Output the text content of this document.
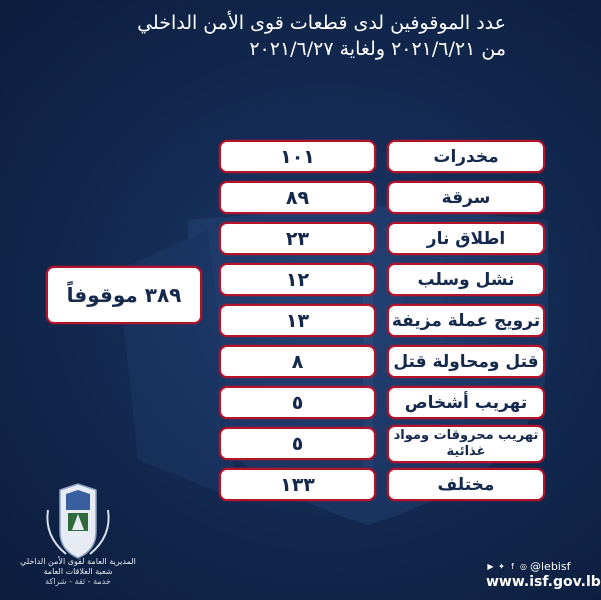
عدد الموقوفين لدى قطعات قوى الأمن الداخلي
من ٢٠٢١/٦/٢١ ولغاية ٢٠٢١/٦/٢٧
مخدرات
سرقة
اطلاق نار
نشل وسلب
ترويج عملة مزيفة
قتل ومحاولة قتل
تهريب أشخاص
تهريب محروقات ومواد غذائية
مختلف
١٠١
٨٩
٢٣
١٢
١٣
٨
٥
٥
١٣٣
٣٨٩ موقوفاً
المديرية العامة لقوى الأمن الداخلي
شعبة العلاقات العامة
خدمة - ثقة - شراكة
▶ ✦ f ◎ @lebisf
www.isf.gov.lb
